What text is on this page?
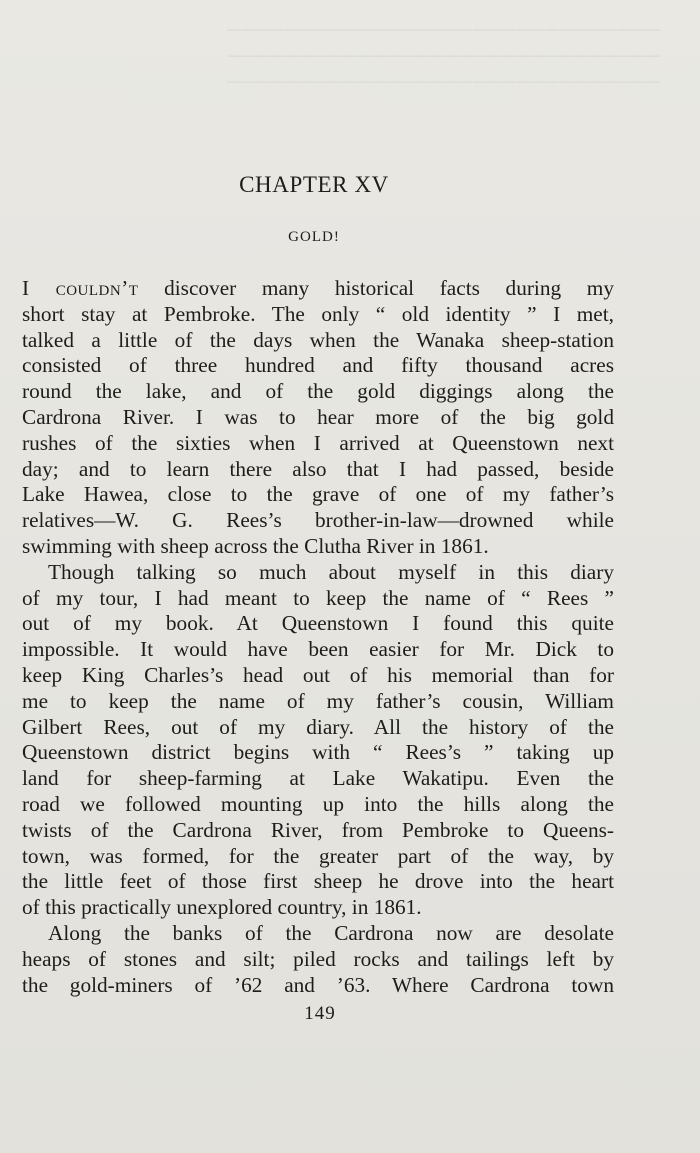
──────────────────────────────
──────────────────────────────
──────────────────────────────
CHAPTER XV
GOLD!
I couldn’t discover many historical facts during my
short stay at Pembroke. The only “ old identity ” I met,
talked a little of the days when the Wanaka sheep-station
consisted of three hundred and fifty thousand acres
round the lake, and of the gold diggings along the
Cardrona River. I was to hear more of the big gold
rushes of the sixties when I arrived at Queenstown next
day; and to learn there also that I had passed, beside
Lake Hawea, close to the grave of one of my father’s
relatives—W. G. Rees’s brother-in-law—drowned while
swimming with sheep across the Clutha River in 1861.
Though talking so much about myself in this diary
of my tour, I had meant to keep the name of “ Rees ”
out of my book. At Queenstown I found this quite
impossible. It would have been easier for Mr. Dick to
keep King Charles’s head out of his memorial than for
me to keep the name of my father’s cousin, William
Gilbert Rees, out of my diary. All the history of the
Queenstown district begins with “ Rees’s ” taking up
land for sheep-farming at Lake Wakatipu. Even the
road we followed mounting up into the hills along the
twists of the Cardrona River, from Pembroke to Queens-
town, was formed, for the greater part of the way, by
the little feet of those first sheep he drove into the heart
of this practically unexplored country, in 1861.
Along the banks of the Cardrona now are desolate
heaps of stones and silt; piled rocks and tailings left by
the gold-miners of ’62 and ’63. Where Cardrona town
149
